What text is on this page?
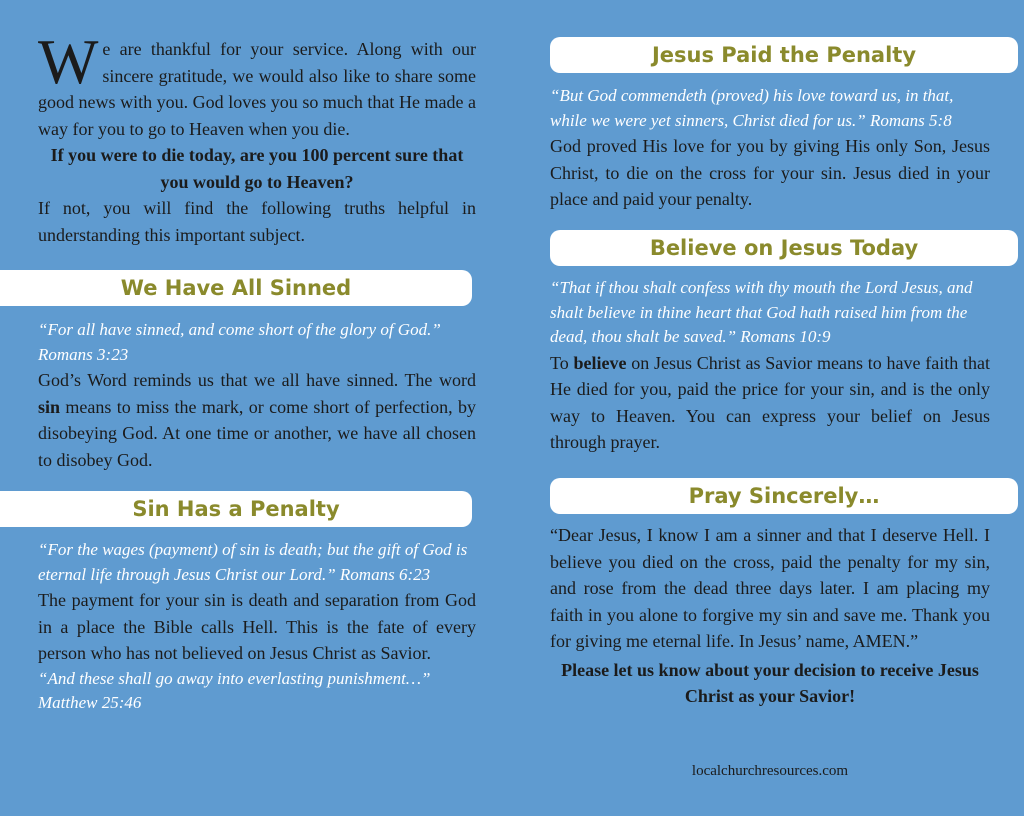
We are thankful for your service. Along with our sincere gratitude, we would also like to share some good news with you. God loves you so much that He made a way for you to go to Heaven when you die.

If you were to die today, are you 100 percent sure that you would go to Heaven?

If not, you will find the following truths helpful in understanding this important subject.

We Have All Sinned

“For all have sinned, and come short of the glory of God.” Romans 3:23

God’s Word reminds us that we all have sinned. The word sin means to miss the mark, or come short of perfection, by disobeying God. At one time or another, we have all chosen to disobey God.

Sin Has a Penalty

“For the wages (payment) of sin is death; but the gift of God is eternal life through Jesus Christ our Lord.” Romans 6:23

The payment for your sin is death and separation from God in a place the Bible calls Hell. This is the fate of every person who has not believed on Jesus Christ as Savior.

“And these shall go away into everlasting punishment…” Matthew 25:46

Jesus Paid the Penalty

“But God commendeth (proved) his love toward us, in that, while we were yet sinners, Christ died for us.” Romans 5:8

God proved His love for you by giving His only Son, Jesus Christ, to die on the cross for your sin. Jesus died in your place and paid your penalty.

Believe on Jesus Today

“That if thou shalt confess with thy mouth the Lord Jesus, and shalt believe in thine heart that God hath raised him from the dead, thou shalt be saved.” Romans 10:9

To believe on Jesus Christ as Savior means to have faith that He died for you, paid the price for your sin, and is the only way to Heaven. You can express your belief on Jesus through prayer.

Pray Sincerely…

“Dear Jesus, I know I am a sinner and that I deserve Hell. I believe you died on the cross, paid the penalty for my sin, and rose from the dead three days later. I am placing my faith in you alone to forgive my sin and save me. Thank you for giving me eternal life. In Jesus’ name, AMEN.”

Please let us know about your decision to receive Jesus Christ as your Savior!

localchurchresources.com
